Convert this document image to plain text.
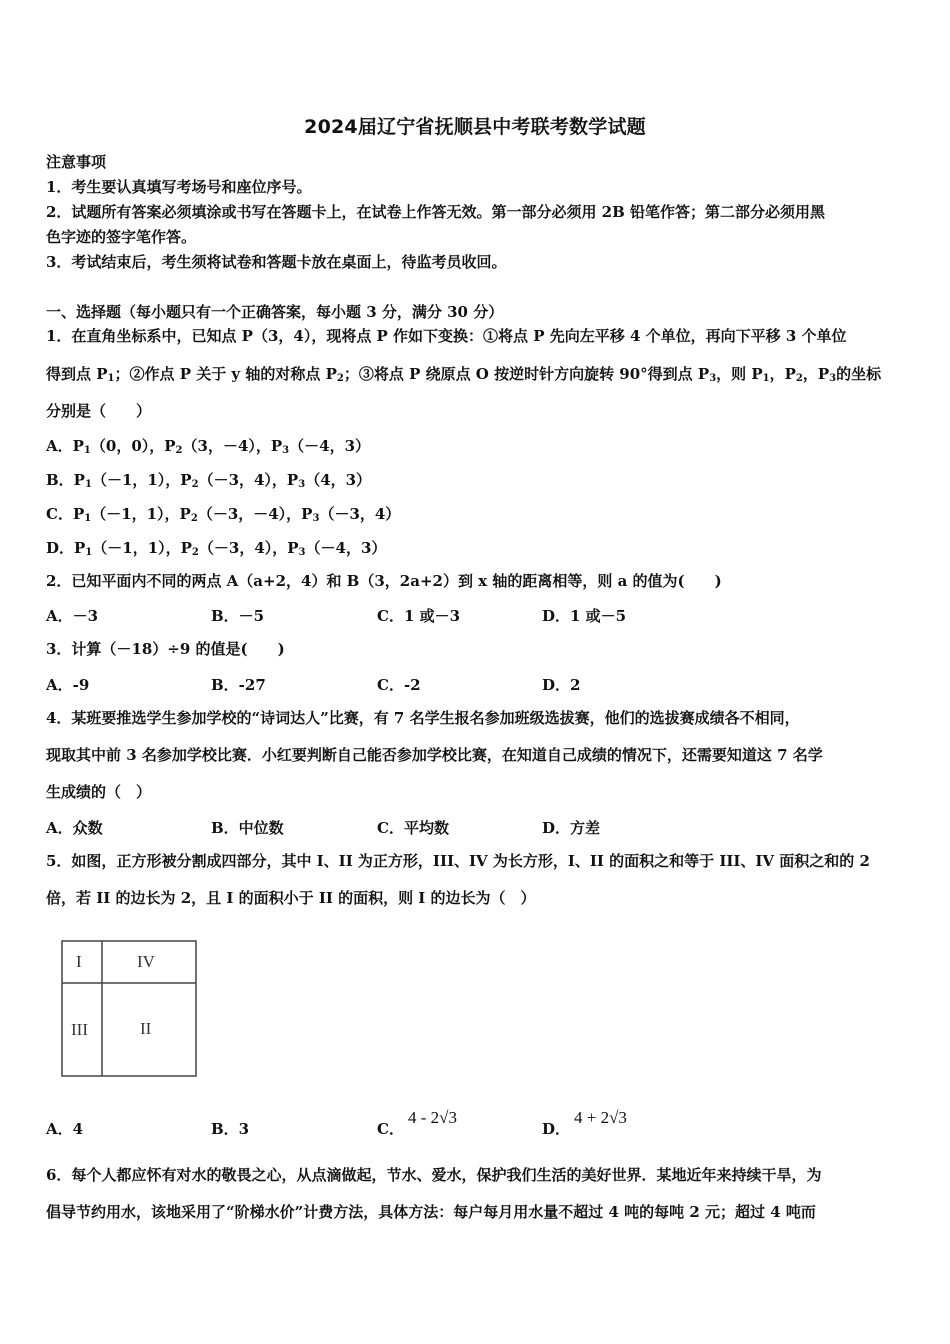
2024届辽宁省抚顺县中考联考数学试题
注意事项
1．考生要认真填写考场号和座位序号。
2．试题所有答案必须填涂或书写在答题卡上，在试卷上作答无效。第一部分必须用 2B 铅笔作答；第二部分必须用黑
色字迹的签字笔作答。
3．考试结束后，考生须将试卷和答题卡放在桌面上，待监考员收回。
一、选择题（每小题只有一个正确答案，每小题 3 分，满分 30 分）
1．在直角坐标系中，已知点 P（3，4），现将点 P 作如下变换：①将点 P 先向左平移 4 个单位，再向下平移 3 个单位
得到点 $P_1$；②作点 P 关于 y 轴的对称点 $P_2$；③将点 P 绕原点 O 按逆时针方向旋转 90°得到点 $P_3$，则 $P_1$，$P_2$，$P_3$的坐标
分别是（　　）
A．$P_1(0$，0），$P_2(3$，－4），$P_3(-4$，3）
B．$P_1(-1$，1），$P_2(-3$，4），$P_3(4$，3）
C．$P_1(-1$，1），$P_2(-3$，－4），$P_3(-3$，4）
D．$P_1(-1$，1），$P_2(-3$，4），$P_3(-4$，3）
2．已知平面内不同的两点 A（a+2，4）和 B（3，2a+2）到 x 轴的距离相等，则 a 的值为(　　)
A．－3	B．－5	C．1 或－3	D．1 或－5
3．计算（－18）÷9 的值是(　　)
A．-9	B．-27	C．-2	D．2
4．某班要推选学生参加学校的“诗词达人”比赛，有 7 名学生报名参加班级选拔赛，他们的选拔赛成绩各不相同，
现取其中前 3 名参加学校比赛．小红要判断自己能否参加学校比赛，在知道自己成绩的情况下，还需要知道这 7 名学
生成绩的（　）
A．众数	B．中位数	C．平均数	D．方差
5．如图，正方形被分割成四部分，其中 I、II 为正方形，III、IV 为长方形，I、II 的面积之和等于 III、IV 面积之和的 2
倍，若 II 的边长为 2，且 I 的面积小于 II 的面积，则 I 的边长为（　）
I	IV
III	II
A．4	B．3	C．
4 - 2√3
D．
4 + 2√3
6．每个人都应怀有对水的敬畏之心，从点滴做起，节水、爱水，保护我们生活的美好世界．某地近年来持续干旱，为
倡导节约用水，该地采用了“阶梯水价”计费方法，具体方法：每户每月用水量不超过 4 吨的每吨 2 元；超过 4 吨而
